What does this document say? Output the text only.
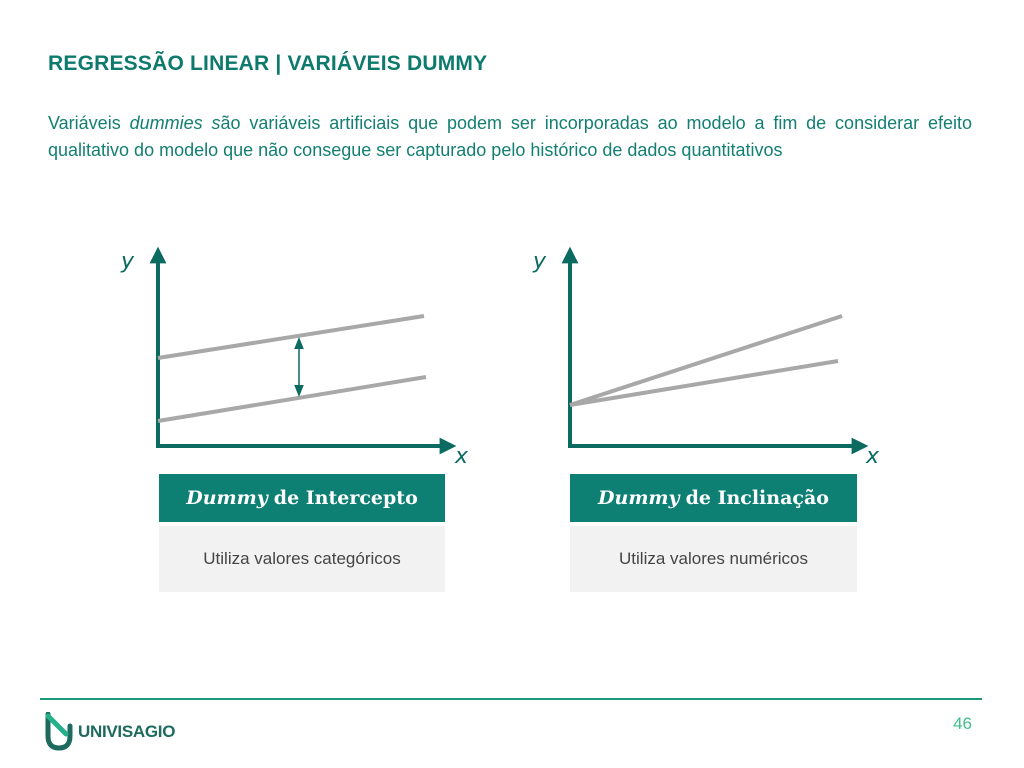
REGRESSÃO LINEAR | VARIÁVEIS DUMMY

Variáveis dummies são variáveis artificiais que podem ser incorporadas ao modelo a fim de considerar efeito qualitativo do modelo que não consegue ser capturado pelo histórico de dados quantitativos

y
x
y
x
Dummy de Intercepto
Utiliza valores categóricos
Dummy de Inclinação
Utiliza valores numéricos
UNIVISAGIO	46
